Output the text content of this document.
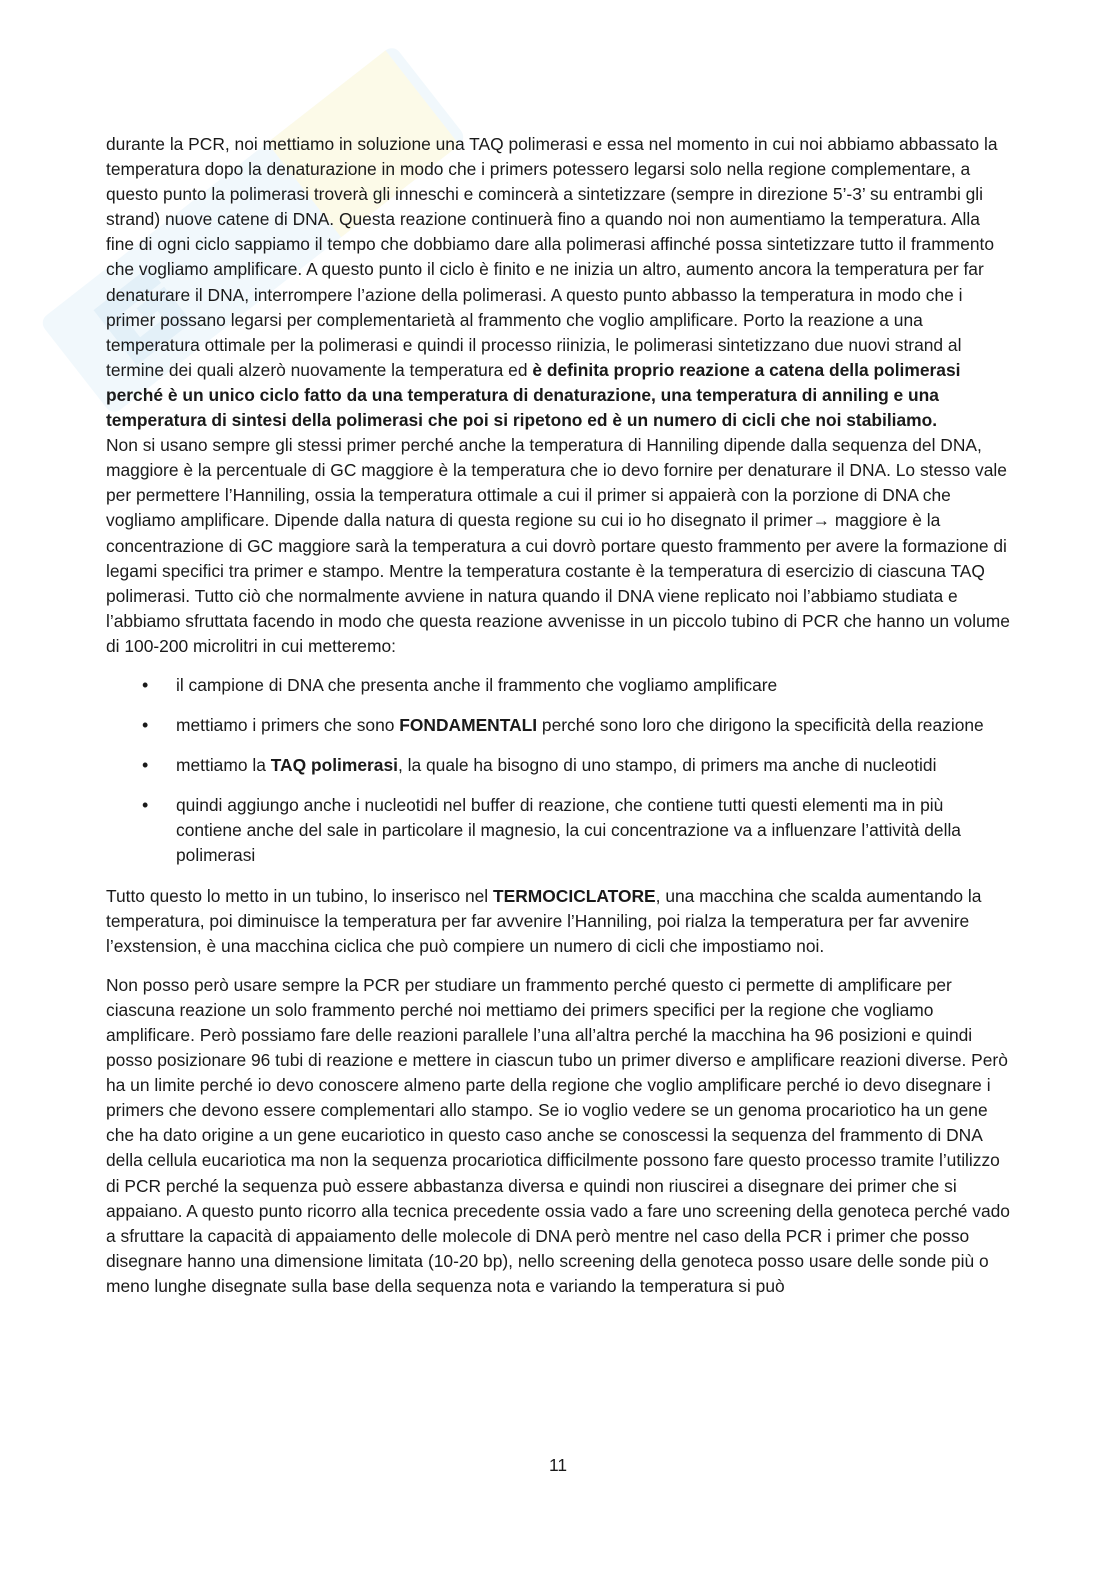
durante la PCR, noi mettiamo in soluzione una TAQ polimerasi e essa nel momento in cui noi abbiamo abbassato la temperatura dopo la denaturazione in modo che i primers potessero legarsi solo nella regione complementare, a questo punto la polimerasi troverà gli inneschi e comincerà a sintetizzare (sempre in direzione 5’-3’ su entrambi gli strand) nuove catene di DNA. Questa reazione continuerà fino a quando noi non aumentiamo la temperatura. Alla fine di ogni ciclo sappiamo il tempo che dobbiamo dare alla polimerasi affinché possa sintetizzare tutto il frammento che vogliamo amplificare. A questo punto il ciclo è finito e ne inizia un altro, aumento ancora la temperatura per far denaturare il DNA, interrompere l’azione della polimerasi. A questo punto abbasso la temperatura in modo che i primer possano legarsi per complementarietà al frammento che voglio amplificare. Porto la reazione a una temperatura ottimale per la polimerasi e quindi il processo riinizia, le polimerasi sintetizzano due nuovi strand al termine dei quali alzerò nuovamente la temperatura ed è definita proprio reazione a catena della polimerasi perché è un unico ciclo fatto da una temperatura di denaturazione, una temperatura di anniling e una temperatura di sintesi della polimerasi che poi si ripetono ed è un numero di cicli che noi stabiliamo.

Non si usano sempre gli stessi primer perché anche la temperatura di Hanniling dipende dalla sequenza del DNA, maggiore è la percentuale di GC maggiore è la temperatura che io devo fornire per denaturare il DNA. Lo stesso vale per permettere l’Hanniling, ossia la temperatura ottimale a cui il primer si appaierà con la porzione di DNA che vogliamo amplificare. Dipende dalla natura di questa regione su cui io ho disegnato il primer→ maggiore è la concentrazione di GC maggiore sarà la temperatura a cui dovrò portare questo frammento per avere la formazione di legami specifici tra primer e stampo. Mentre la temperatura costante è la temperatura di esercizio di ciascuna TAQ polimerasi. Tutto ciò che normalmente avviene in natura quando il DNA viene replicato noi l’abbiamo studiata e l’abbiamo sfruttata facendo in modo che questa reazione avvenisse in un piccolo tubino di PCR che hanno un volume di 100-200 microlitri in cui metteremo:

• il campione di DNA che presenta anche il frammento che vogliamo amplificare
• mettiamo i primers che sono FONDAMENTALI perché sono loro che dirigono la specificità della reazione
• mettiamo la TAQ polimerasi, la quale ha bisogno di uno stampo, di primers ma anche di nucleotidi
• quindi aggiungo anche i nucleotidi nel buffer di reazione, che contiene tutti questi elementi ma in più contiene anche del sale in particolare il magnesio, la cui concentrazione va a influenzare l’attività della polimerasi

Tutto questo lo metto in un tubino, lo inserisco nel TERMOCICLATORE, una macchina che scalda aumentando la temperatura, poi diminuisce la temperatura per far avvenire l’Hanniling, poi rialza la temperatura per far avvenire l’exstension, è una macchina ciclica che può compiere un numero di cicli che impostiamo noi.

Non posso però usare sempre la PCR per studiare un frammento perché questo ci permette di amplificare per ciascuna reazione un solo frammento perché noi mettiamo dei primers specifici per la regione che vogliamo amplificare. Però possiamo fare delle reazioni parallele l’una all’altra perché la macchina ha 96 posizioni e quindi posso posizionare 96 tubi di reazione e mettere in ciascun tubo un primer diverso e amplificare reazioni diverse. Però ha un limite perché io devo conoscere almeno parte della regione che voglio amplificare perché io devo disegnare i primers che devono essere complementari allo stampo. Se io voglio vedere se un genoma procariotico ha un gene che ha dato origine a un gene eucariotico in questo caso anche se conoscessi la sequenza del frammento di DNA della cellula eucariotica ma non la sequenza procariotica difficilmente possono fare questo processo tramite l’utilizzo di PCR perché la sequenza può essere abbastanza diversa e quindi non riuscirei a disegnare dei primer che si appaiano. A questo punto ricorro alla tecnica precedente ossia vado a fare uno screening della genoteca perché vado a sfruttare la capacità di appaiamento delle molecole di DNA però mentre nel caso della PCR i primer che posso disegnare hanno una dimensione limitata (10-20 bp), nello screening della genoteca posso usare delle sonde più o meno lunghe disegnate sulla base della sequenza nota e variando la temperatura si può

11
